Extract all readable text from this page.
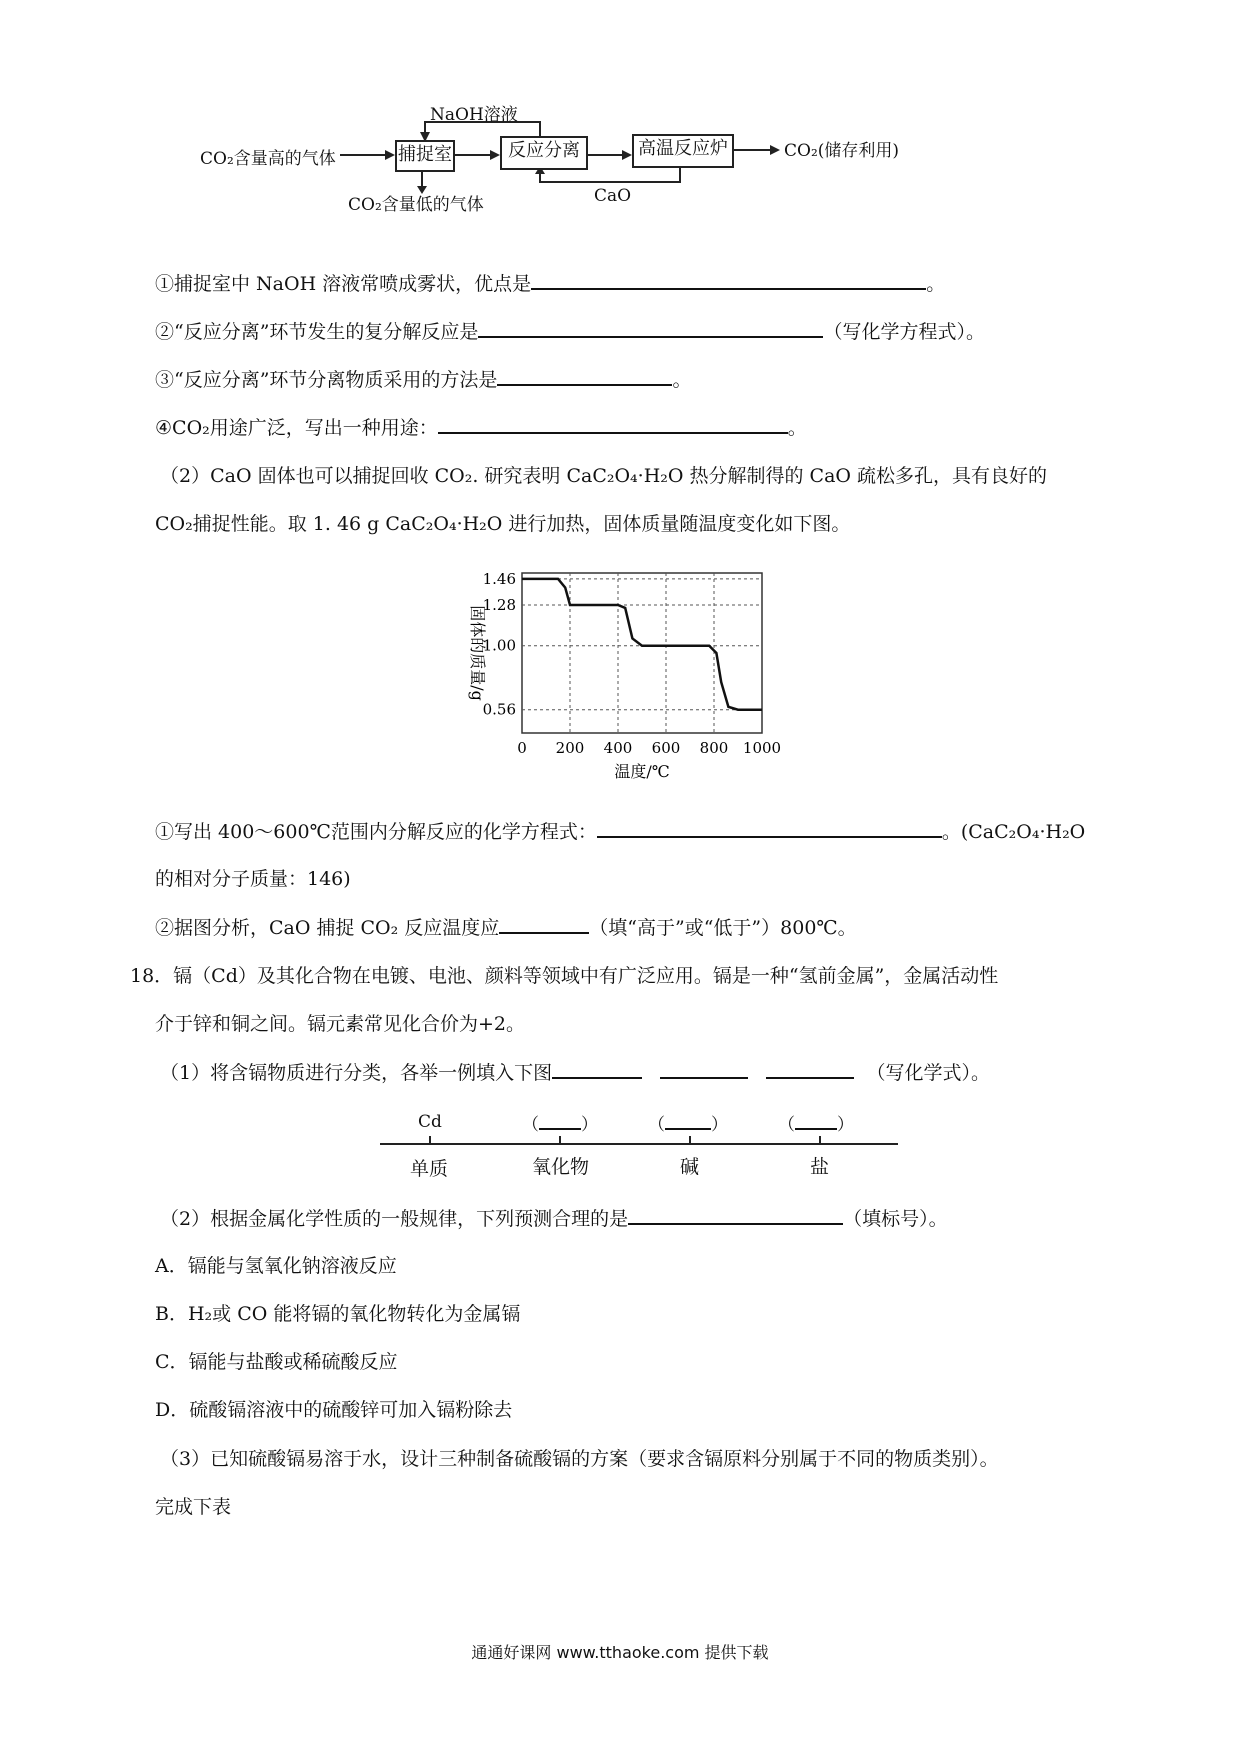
NaOH溶液
CO₂含量高的气体	捕捉室	反应分离	高温反应炉	CO₂(储存利用)
CO₂含量低的气体	CaO
①捕捉室中 NaOH 溶液常喷成雾状，优点是	。
②“反应分离”环节发生的复分解反应是	（写化学方程式）。
③“反应分离”环节分离物质采用的方法是	。
④CO₂用途广泛，写出一种用途：	。
（2）CaO 固体也可以捕捉回收 CO₂. 研究表明 CaC₂O₄·H₂O 热分解制得的 CaO 疏松多孔，具有良好的
CO₂捕捉性能。取 1. 46 g CaC₂O₄·H₂O 进行加热，固体质量随温度变化如下图。
0.56
1.00
1.28
1.46
0 200 400 600 800 1000
温度/℃
固体的质量/g
①写出 400～600℃范围内分解反应的化学方程式：	。(CaC₂O₄·H₂O
的相对分子质量：146)
②据图分析，CaO 捕捉 CO₂ 反应温度应	（填“高于”或“低于”）800℃。
18．镉（Cd）及其化合物在电镀、电池、颜料等领域中有广泛应用。镉是一种“氢前金属”，金属活动性
介于锌和铜之间。镉元素常见化合价为+2。
（1）将含镉物质进行分类，各举一例填入下图	（写化学式）。
Cd	（ ）	（	）	（ ）
单质	氧化物	碱	盐
（2）根据金属化学性质的一般规律，下列预测合理的是	（填标号）。
A．镉能与氢氧化钠溶液反应
B．H₂或 CO 能将镉的氧化物转化为金属镉
C．镉能与盐酸或稀硫酸反应
D．硫酸镉溶液中的硫酸锌可加入镉粉除去
（3）已知硫酸镉易溶于水，设计三种制备硫酸镉的方案（要求含镉原料分别属于不同的物质类别）。
完成下表
通通好课网 www.tthaoke.com 提供下载
